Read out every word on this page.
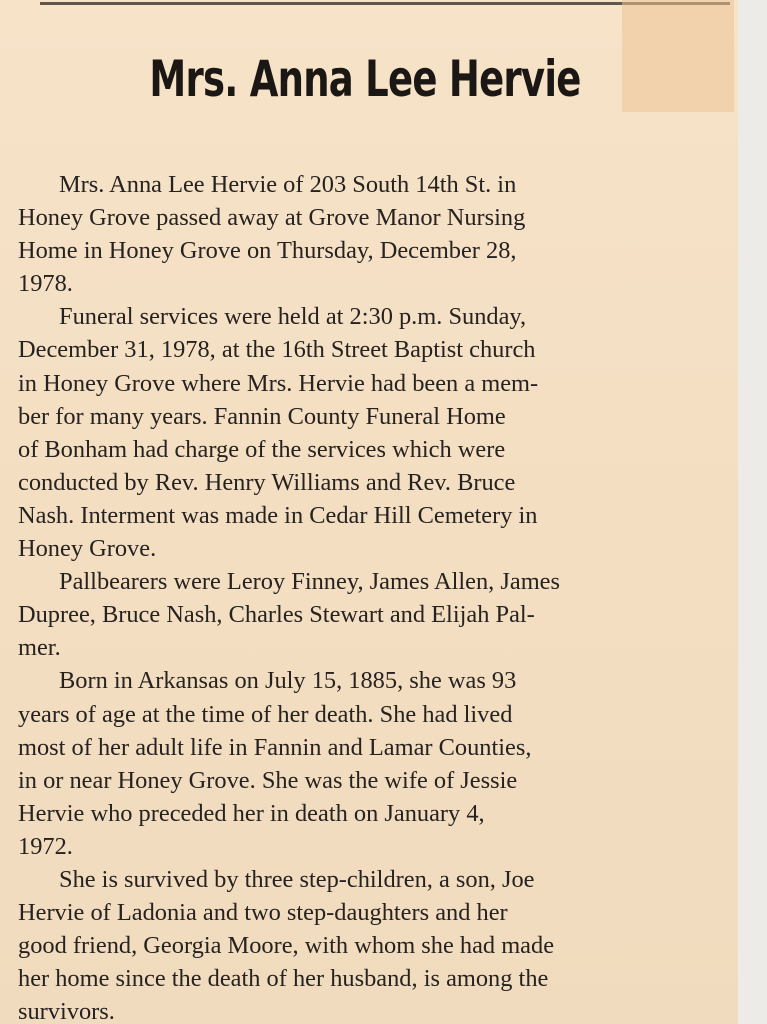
Mrs. Anna Lee Hervie

Mrs. Anna Lee Hervie of 203 South 14th St. in
Honey Grove passed away at Grove Manor Nursing
Home in Honey Grove on Thursday, December 28,
1978.

Funeral services were held at 2:30 p.m. Sunday,
December 31, 1978, at the 16th Street Baptist church
in Honey Grove where Mrs. Hervie had been a mem-
ber for many years. Fannin County Funeral Home
of Bonham had charge of the services which were
conducted by Rev. Henry Williams and Rev. Bruce
Nash. Interment was made in Cedar Hill Cemetery in
Honey Grove.

Pallbearers were Leroy Finney, James Allen, James
Dupree, Bruce Nash, Charles Stewart and Elijah Pal-
mer.

Born in Arkansas on July 15, 1885, she was 93
years of age at the time of her death. She had lived
most of her adult life in Fannin and Lamar Counties,
in or near Honey Grove. She was the wife of Jessie
Hervie who preceded her in death on January 4,
1972.

She is survived by three step-children, a son, Joe
Hervie of Ladonia and two step-daughters and her
good friend, Georgia Moore, with whom she had made
her home since the death of her husband, is among the
survivors.
